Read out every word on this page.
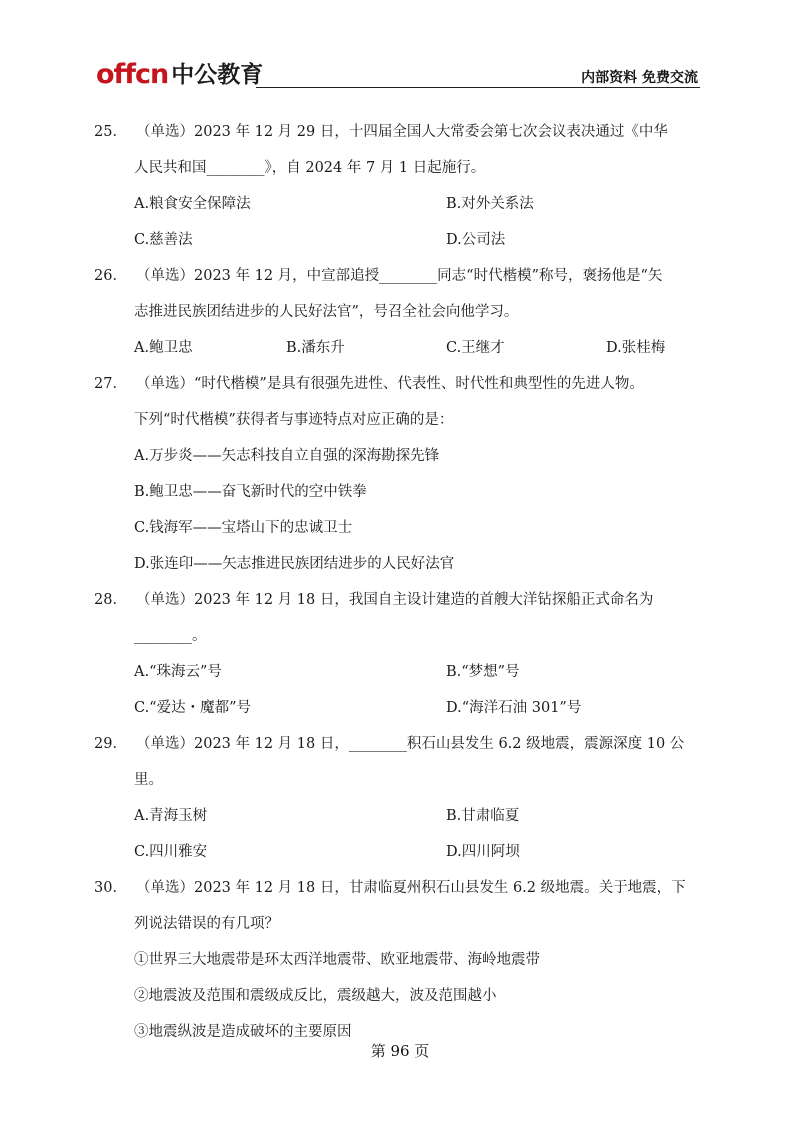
offcn 中公教育	内部资料 免费交流
25． （单选）2023 年 12 月 29 日，十四届全国人大常委会第七次会议表决通过《中华
人民共和国________》，自 2024 年 7 月 1 日起施行。
A.粮食安全保障法	B.对外关系法
C.慈善法	D.公司法
26． （单选）2023 年 12 月，中宣部追授________同志“时代楷模”称号，褒扬他是“矢
志推进民族团结进步的人民好法官”，号召全社会向他学习。
A.鲍卫忠	B.潘东升	C.王继才	D.张桂梅
27． （单选）“时代楷模”是具有很强先进性、代表性、时代性和典型性的先进人物。
下列“时代楷模”获得者与事迹特点对应正确的是：
A.万步炎——矢志科技自立自强的深海勘探先锋
B.鲍卫忠——奋飞新时代的空中铁拳
C.钱海军——宝塔山下的忠诚卫士
D.张连印——矢志推进民族团结进步的人民好法官
28． （单选）2023 年 12 月 18 日，我国自主设计建造的首艘大洋钻探船正式命名为
________。
A.“珠海云”号	B.“梦想”号
C.“爱达・魔都”号	D.“海洋石油 301”号
29． （单选）2023 年 12 月 18 日，________积石山县发生 6.2 级地震，震源深度 10 公
里。
A.青海玉树	B.甘肃临夏
C.四川雅安	D.四川阿坝
30． （单选）2023 年 12 月 18 日，甘肃临夏州积石山县发生 6.2 级地震。关于地震，下
列说法错误的有几项？
①世界三大地震带是环太西洋地震带、欧亚地震带、海岭地震带
②地震波及范围和震级成反比，震级越大，波及范围越小
③地震纵波是造成破坏的主要原因
第 96 页
